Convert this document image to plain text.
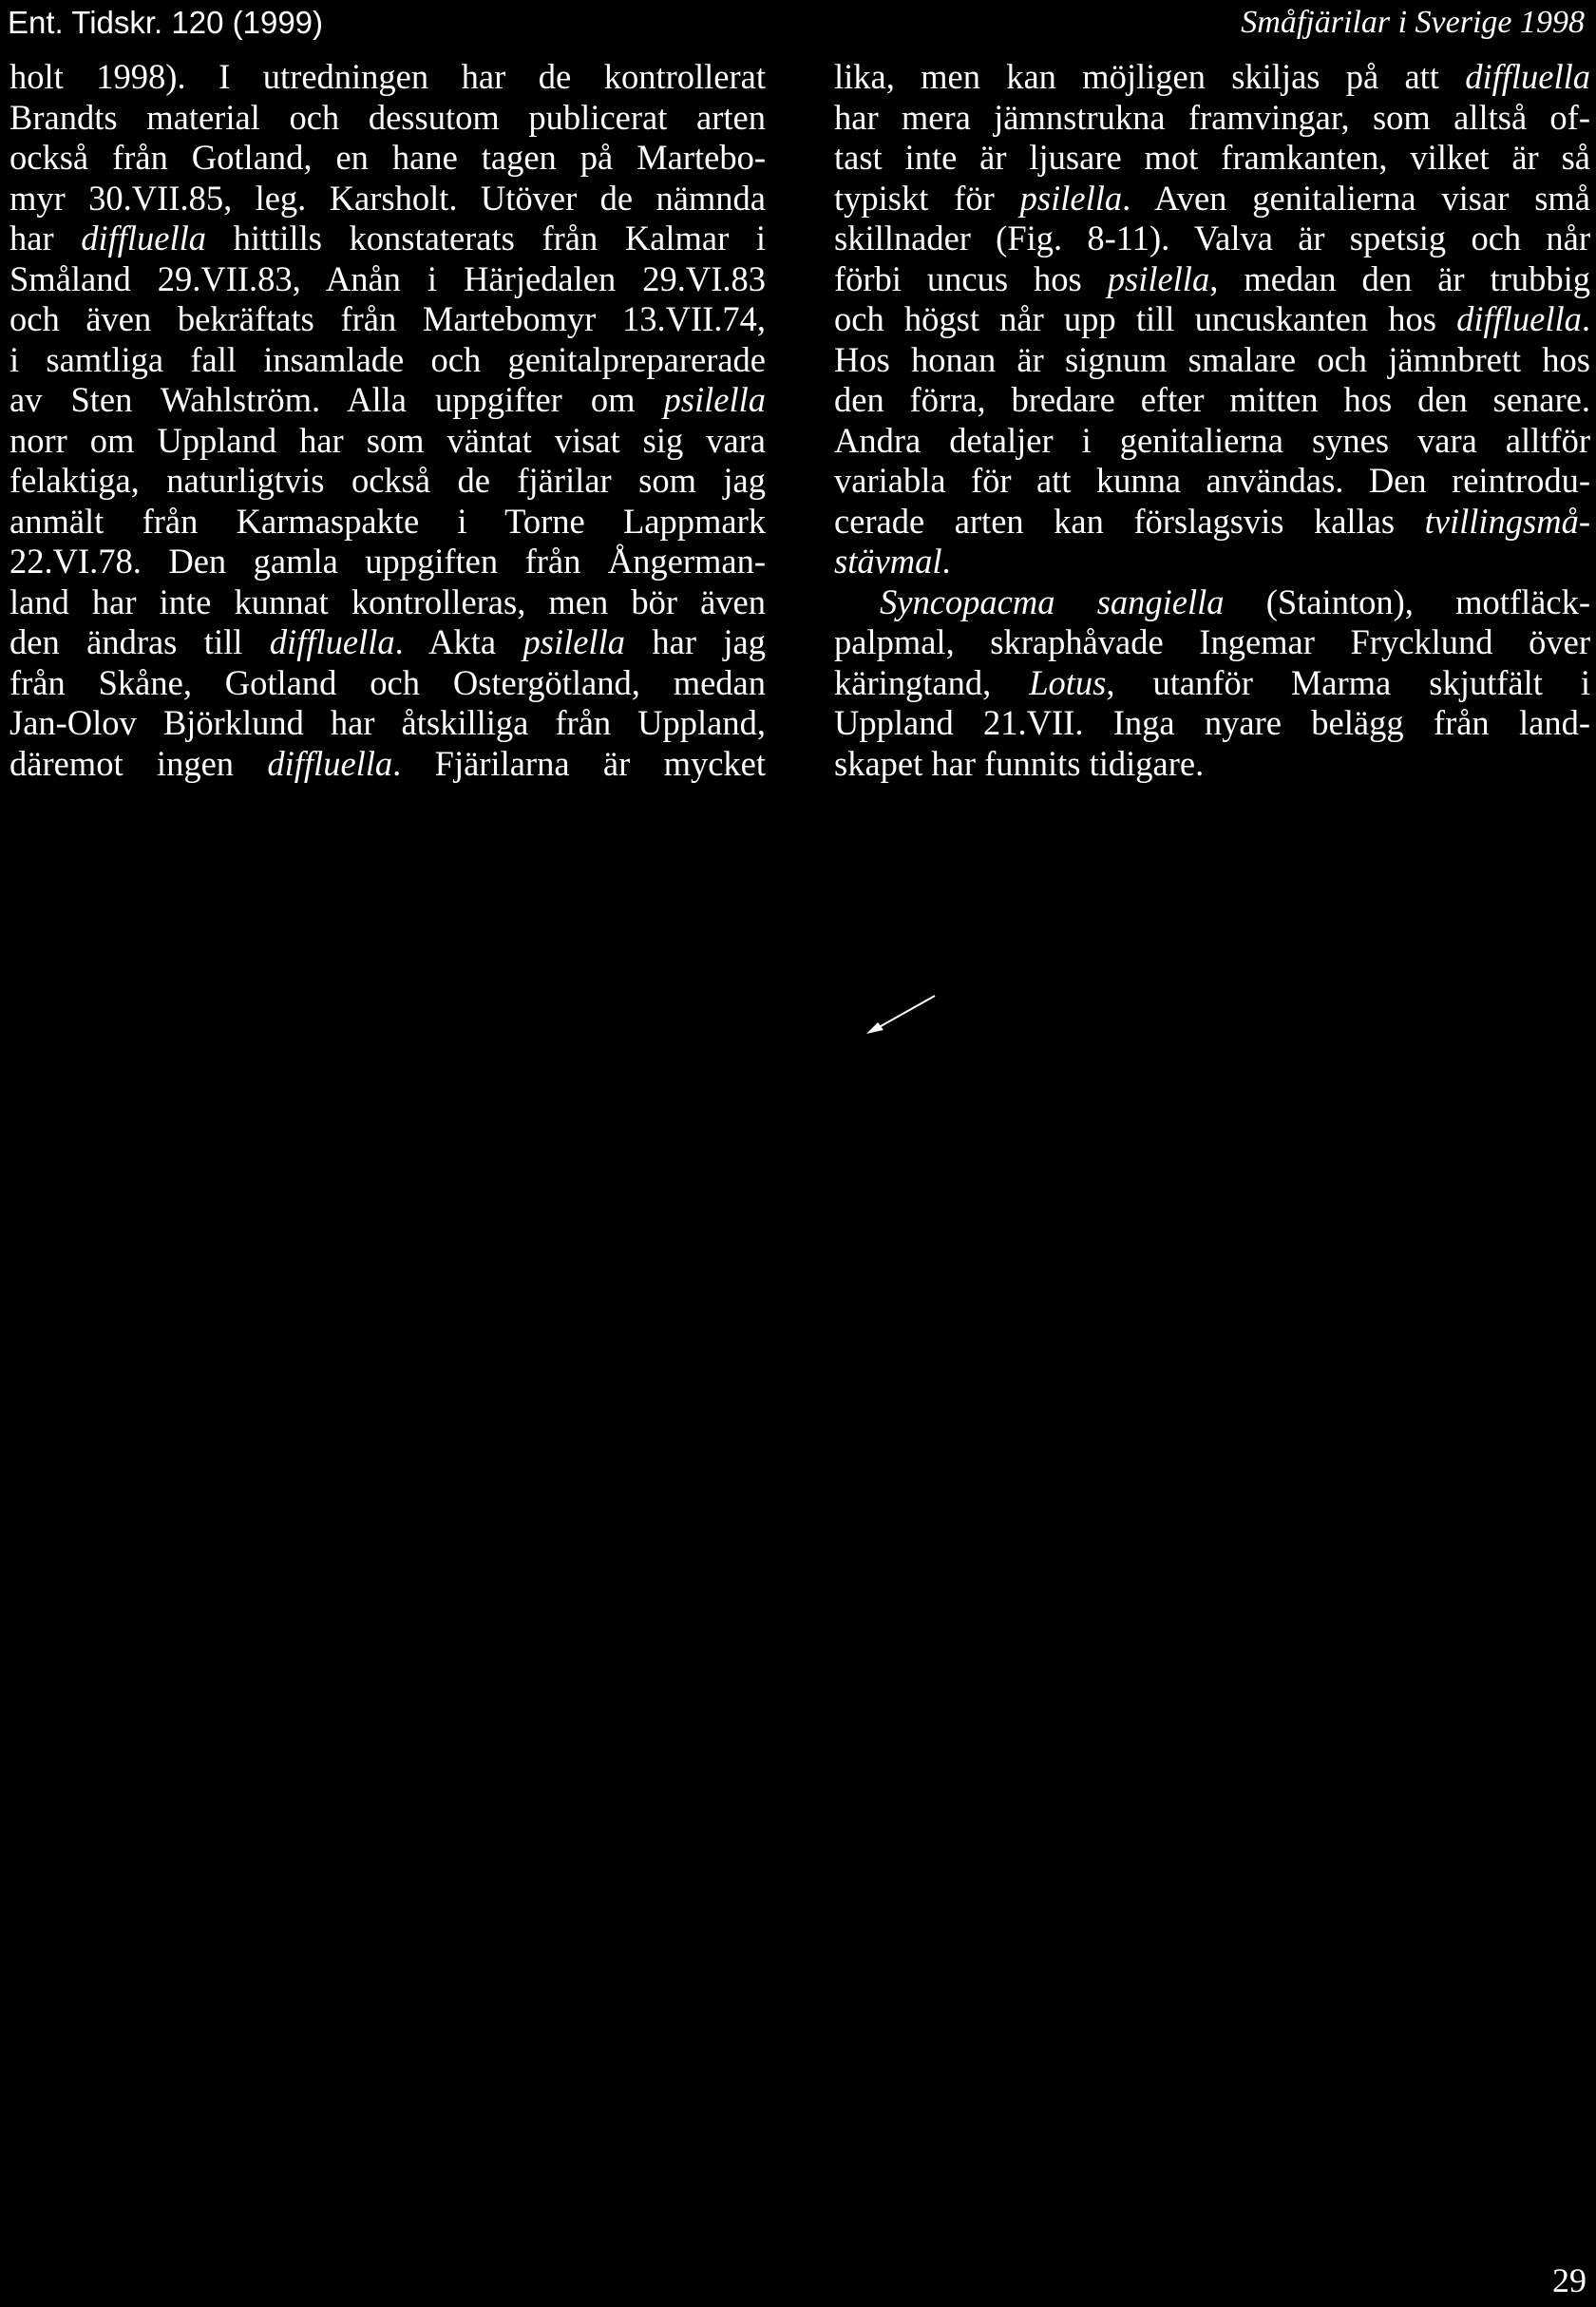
Ent. Tidskr. 120 (1999)	Småfjärilar i Sverige 1998
holt 1998). I utredningen har de kontrollerat
Brandts material och dessutom publicerat arten
också från Gotland, en hane tagen på Martebo-
myr 30.VII.85, leg. Karsholt. Utöver de nämnda
har diffluella hittills konstaterats från Kalmar i
Småland 29.VII.83, Anån i Härjedalen 29.VI.83
och även bekräftats från Martebomyr 13.VII.74,
i samtliga fall insamlade och genitalpreparerade
av Sten Wahlström. Alla uppgifter om psilella
norr om Uppland har som väntat visat sig vara
felaktiga, naturligtvis också de fjärilar som jag
anmält från Karmaspakte i Torne Lappmark
22.VI.78. Den gamla uppgiften från Ångerman-
land har inte kunnat kontrolleras, men bör även
den ändras till diffluella. Akta psilella har jag
från Skåne, Gotland och Ostergötland, medan
Jan-Olov Björklund har åtskilliga från Uppland,
däremot ingen diffluella. Fjärilarna är mycket
lika, men kan möjligen skiljas på att diffluella
har mera jämnstrukna framvingar, som alltså of-
tast inte är ljusare mot framkanten, vilket är så
typiskt för psilella. Aven genitalierna visar små
skillnader (Fig. 8-11). Valva är spetsig och når
förbi uncus hos psilella, medan den är trubbig
och högst når upp till uncuskanten hos diffluella.
Hos honan är signum smalare och jämnbrett hos
den förra, bredare efter mitten hos den senare.
Andra detaljer i genitalierna synes vara alltför
variabla för att kunna användas. Den reintrodu-
cerade arten kan förslagsvis kallas tvillingsmå-
stävmal.
Syncopacma sangiella (Stainton), motfläck-
palpmal, skraphåvade Ingemar Frycklund över
käringtand, Lotus, utanför Marma skjutfält i
Uppland 21.VII. Inga nyare belägg från land-
skapet har funnits tidigare.
29
